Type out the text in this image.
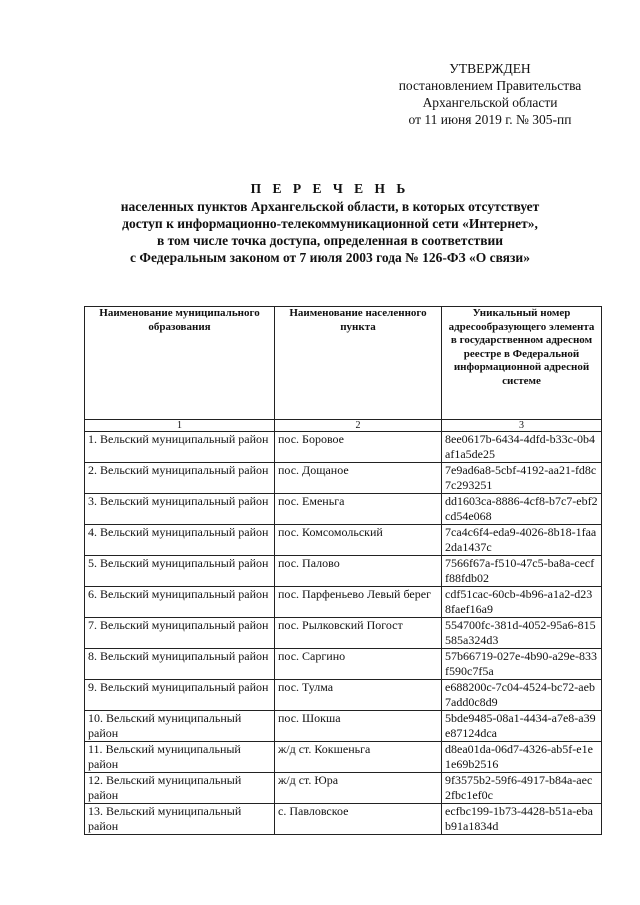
УТВЕРЖДЕН
постановлением Правительства
Архангельской области
от 11 июня 2019 г. № 305-пп
П Е Р Е Ч Е Н Ь
населенных пунктов Архангельской области, в которых отсутствует
доступ к информационно-телекоммуникационной сети «Интернет»,
в том числе точка доступа, определенная в соответствии
с Федеральным законом от 7 июля 2003 года № 126-ФЗ «О связи»
Наименование муниципального образования	Наименование населенного пункта	Уникальный номер адресообразующего элемента в государственном адресном реестре в Федеральной информационной адресной системе
1	2	3
1. Вельский муниципальный район	пос. Боровое	8ee0617b-6434-4dfd-b33c-0b4af1a5de25
2. Вельский муниципальный район	пос. Дощаное	7e9ad6a8-5cbf-4192-aa21-fd8c7c293251
3. Вельский муниципальный район	пос. Еменьга	dd1603ca-8886-4cf8-b7c7-ebf2cd54e068
4. Вельский муниципальный район	пос. Комсомольский	7ca4c6f4-eda9-4026-8b18-1faa2da1437c
5. Вельский муниципальный район	пос. Палово	7566f67a-f510-47c5-ba8a-cecff88fdb02
6. Вельский муниципальный район	пос. Парфеньево Левый берег	cdf51cac-60cb-4b96-a1a2-d238faef16a9
7. Вельский муниципальный район	пос. Рылковский Погост	554700fc-381d-4052-95a6-815585a324d3
8. Вельский муниципальный район	пос. Саргино	57b66719-027e-4b90-a29e-833f590c7f5a
9. Вельский муниципальный район	пос. Тулма	e688200c-7c04-4524-bc72-aeb7add0c8d9
10. Вельский муниципальный район	пос. Шокша	5bde9485-08a1-4434-a7e8-a39e87124dca
11. Вельский муниципальный район	ж/д ст. Кокшеньга	d8ea01da-06d7-4326-ab5f-e1e1e69b2516
12. Вельский муниципальный район	ж/д ст. Юра	9f3575b2-59f6-4917-b84a-aec2fbc1ef0c
13. Вельский муниципальный район	с. Павловское	ecfbc199-1b73-4428-b51a-ebab91a1834d
